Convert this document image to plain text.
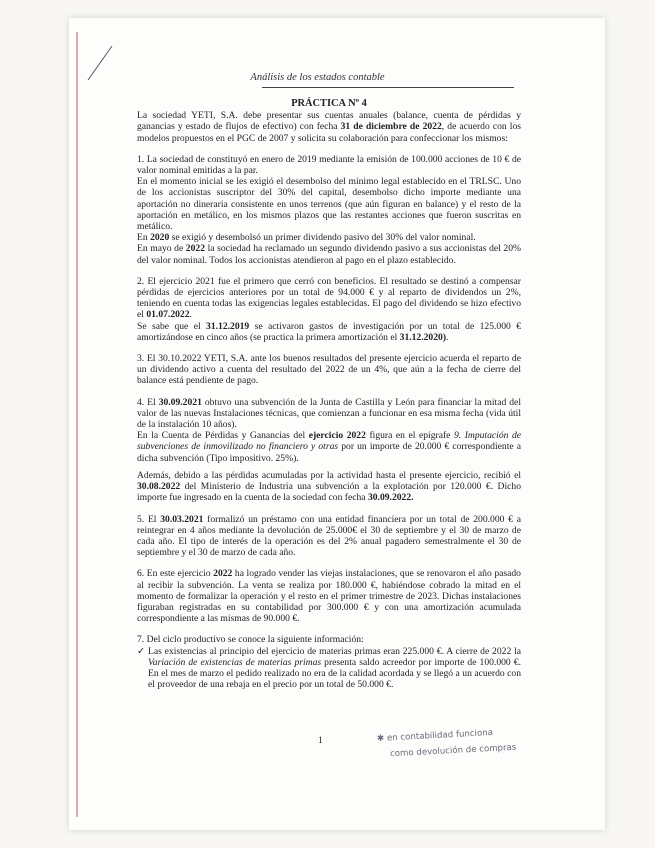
Análisis de los estados contable

PRÁCTICA Nº 4

La sociedad YETI, S.A. debe presentar sus cuentas anuales (balance, cuenta de pérdidas y ganancias y estado de flujos de efectivo) con fecha 31 de diciembre de 2022, de acuerdo con los modelos propuestos en el PGC de 2007 y solicita su colaboración para confeccionar los mismos:

1. La sociedad de constituyó en enero de 2019 mediante la emisión de 100.000 acciones de 10 € de valor nominal emitidas a la par.

En el momento inicial se les exigió el desembolso del mínimo legal establecido en el TRLSC. Uno de los accionistas suscriptor del 30% del capital, desembolso dicho importe mediante una aportación no dineraria consistente en unos terrenos (que aún figuran en balance) y el resto de la aportación en metálico, en los mismos plazos que las restantes acciones que fueron suscritas en metálico.

En 2020 se exigió y desembolsó un primer dividendo pasivo del 30% del valor nominal.

En mayo de 2022 la sociedad ha reclamado un segundo dividendo pasivo a sus accionistas del 20% del valor nominal. Todos los accionistas atendieron al pago en el plazo establecido.

2. El ejercicio 2021 fue el primero que cerró con beneficios. El resultado se destinó a compensar pérdidas de ejercicios anteriores por un total de 94.000 € y al reparto de dividendos un 2%, teniendo en cuenta todas las exigencias legales establecidas. El pago del dividendo se hizo efectivo el 01.07.2022.

Se sabe que el 31.12.2019 se activaron gastos de investigación por un total de 125.000 € amortizándose en cinco años (se practica la primera amortización el 31.12.2020).

3. El 30.10.2022 YETI, S.A. ante los buenos resultados del presente ejercicio acuerda el reparto de un dividendo activo a cuenta del resultado del 2022 de un 4%, que aún a la fecha de cierre del balance está pendiente de pago.

4. El 30.09.2021 obtuvo una subvención de la Junta de Castilla y León para financiar la mitad del valor de las nuevas Instalaciones técnicas, que comienzan a funcionar en esa misma fecha (vida útil de la instalación 10 años).

En la Cuenta de Pérdidas y Ganancias del ejercicio 2022 figura en el epígrafe 9. Imputación de subvenciones de inmovilizado no financiero y otras por un importe de 20.000 € correspondiente a dicha subvención (Tipo impositivo. 25%).

Además, debido a las pérdidas acumuladas por la actividad hasta el presente ejercicio, recibió el 30.08.2022 del Ministerio de Industria una subvención a la explotación por 120.000 €. Dicho importe fue ingresado en la cuenta de la sociedad con fecha 30.09.2022.

5. El 30.03.2021 formalizó un préstamo con una entidad financiera por un total de 200.000 € a reintegrar en 4 años mediante la devolución de 25.000€ el 30 de septiembre y el 30 de marzo de cada año. El tipo de interés de la operación es del 2% anual pagadero semestralmente el 30 de septiembre y el 30 de marzo de cada año.

6. En este ejercicio 2022 ha logrado vender las viejas instalaciones, que se renovaron el año pasado al recibir la subvención. La venta se realiza por 180.000 €, habiéndose cobrado la mitad en el momento de formalizar la operación y el resto en el primer trimestre de 2023. Dichas instalaciones figuraban registradas en su contabilidad por 300.000 € y con una amortización acumulada correspondiente a las mismas de 90.000 €.

7. Del ciclo productivo se conoce la siguiente información:

✓ Las existencias al principio del ejercicio de materias primas eran 225.000 €. A cierre de 2022 la Variación de existencias de materias primas presenta saldo acreedor por importe de 100.000 €. En el mes de marzo el pedido realizado no era de la calidad acordada y se llegó a un acuerdo con el proveedor de una rebaja en el precio por un total de 50.000 €.

1	✱ en contabilidad funciona
como devolución de compras
